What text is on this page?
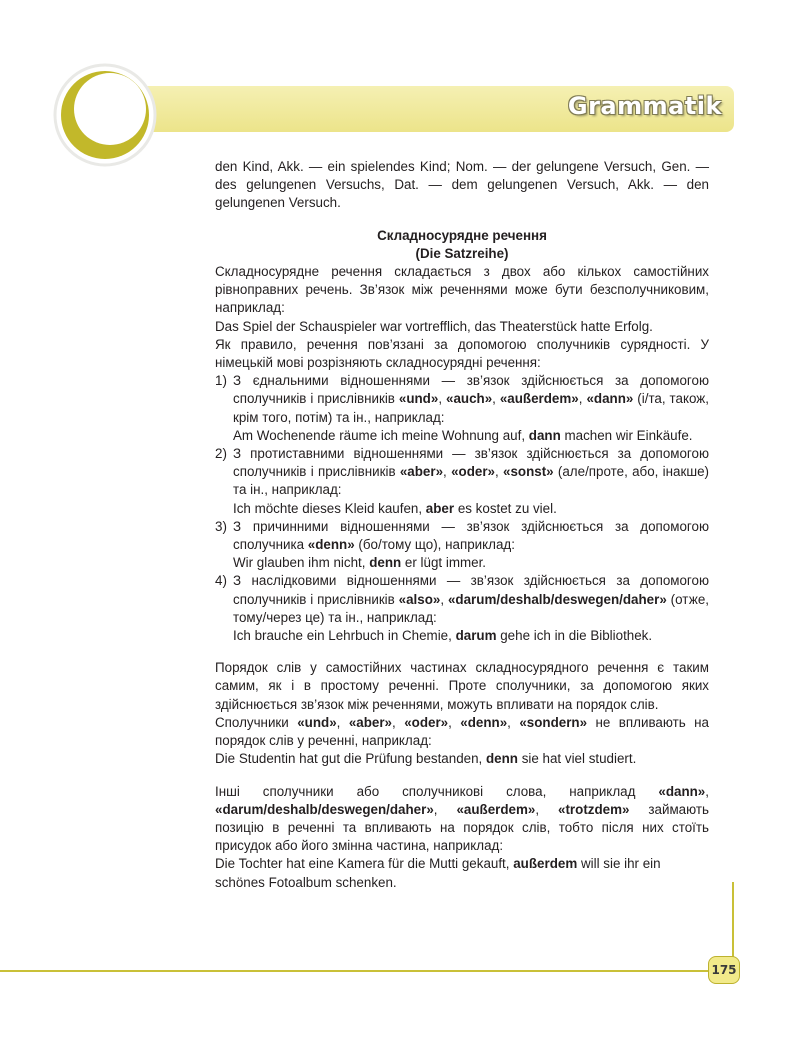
Grammatik

den Kind, Akk. — ein spielendes Kind; Nom. — der gelungene Versuch, Gen. — des gelungenen Versuchs, Dat. — dem gelungenen Versuch, Akk. — den gelungenen Versuch.

Складносурядне речення

(Die Satzreihe)

Складносурядне речення складається з двох або кількох самостійних рівноправних речень. Зв’язок між реченнями може бути безсполучниковим, наприклад:

Das Spiel der Schauspieler war vortrefflich, das Theaterstück hatte Erfolg.

Як правило, речення пов’язані за допомогою сполучників сурядності. У німецькій мові розрізняють складносурядні речення:

1) З єднальними відношеннями — зв’язок здійснюється за допомогою сполучників і прислівників «und», «auch», «außerdem», «dann» (і/та, також, крім того, потім) та ін., наприклад:

Am Wochenende räume ich meine Wohnung auf, dann machen wir Einkäufe.

2) З протиставними відношеннями — зв’язок здійснюється за допомогою сполучників і прислівників «aber», «oder», «sonst» (але/проте, або, інакше) та ін., наприклад:

Ich möchte dieses Kleid kaufen, aber es kostet zu viel.

3) З причинними відношеннями — зв’язок здійснюється за допомогою сполучника «denn» (бо/тому що), наприклад:

Wir glauben ihm nicht, denn er lügt immer.

4) З наслідковими відношеннями — зв’язок здійснюється за допомогою сполучників і прислівників «also», «darum/deshalb/deswegen/daher» (отже, тому/через це) та ін., наприклад:

Ich brauche ein Lehrbuch in Chemie, darum gehe ich in die Bibliothek.

Порядок слів у самостійних частинах складносурядного речення є таким самим, як і в простому реченні. Проте сполучники, за допомогою яких здійснюється зв’язок між реченнями, можуть впливати на порядок слів.

Сполучники «und», «aber», «oder», «denn», «sondern» не впливають на порядок слів у реченні, наприклад:

Die Studentin hat gut die Prüfung bestanden, denn sie hat viel studiert.

Інші сполучники або сполучникові слова, наприклад «dann», «darum/deshalb/deswegen/daher», «außerdem», «trotzdem» займають позицію в реченні та впливають на порядок слів, тобто після них стоїть присудок або його змінна частина, наприклад:

Die Tochter hat eine Kamera für die Mutti gekauft, außerdem will sie ihr ein schönes Fotoalbum schenken.

175
